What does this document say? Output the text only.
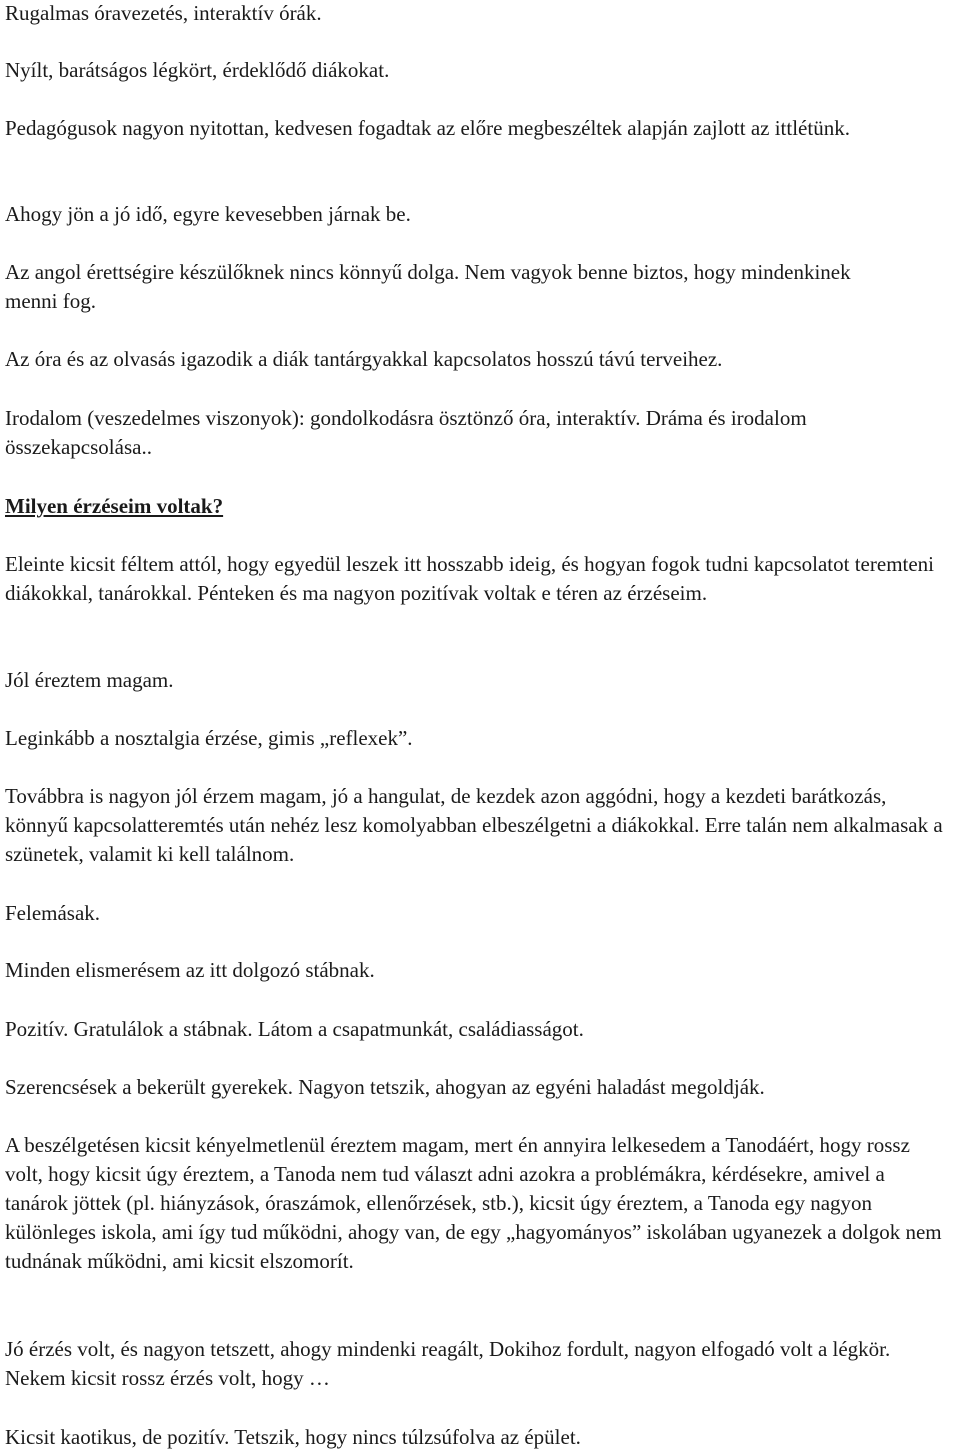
Rugalmas óravezetés, interaktív órák.

Nyílt, barátságos légkört, érdeklődő diákokat.

Pedagógusok nagyon nyitottan, kedvesen fogadtak az előre megbeszéltek alapján zajlott az ittlétünk.

Ahogy jön a jó idő, egyre kevesebben járnak be.

Az angol érettségire készülőknek nincs könnyű dolga. Nem vagyok benne biztos, hogy mindenkinek menni fog.

Az óra és az olvasás igazodik a diák tantárgyakkal kapcsolatos hosszú távú terveihez.

Irodalom (veszedelmes viszonyok): gondolkodásra ösztönző óra, interaktív. Dráma és irodalom összekapcsolása..

Milyen érzéseim voltak?

Eleinte kicsit féltem attól, hogy egyedül leszek itt hosszabb ideig, és hogyan fogok tudni kapcsolatot teremteni diákokkal, tanárokkal. Pénteken és ma nagyon pozitívak voltak e téren az érzéseim.

Jól éreztem magam.

Leginkább a nosztalgia érzése, gimis „reflexek”.

Továbbra is nagyon jól érzem magam, jó a hangulat, de kezdek azon aggódni, hogy a kezdeti barátkozás, könnyű kapcsolatteremtés után nehéz lesz komolyabban elbeszélgetni a diákokkal. Erre talán nem alkalmasak a szünetek, valamit ki kell találnom.

Felemásak.

Minden elismerésem az itt dolgozó stábnak.

Pozitív. Gratulálok a stábnak. Látom a csapatmunkát, családiasságot.

Szerencsések a bekerült gyerekek. Nagyon tetszik, ahogyan az egyéni haladást megoldják.

A beszélgetésen kicsit kényelmetlenül éreztem magam, mert én annyira lelkesedem a Tanodáért, hogy rossz volt, hogy kicsit úgy éreztem, a Tanoda nem tud választ adni azokra a problémákra, kérdésekre, amivel a tanárok jöttek (pl. hiányzások, óraszámok, ellenőrzések, stb.), kicsit úgy éreztem, a Tanoda egy nagyon különleges iskola, ami így tud működni, ahogy van, de egy „hagyományos” iskolában ugyanezek a dolgok nem tudnának működni, ami kicsit elszomorít.

Jó érzés volt, és nagyon tetszett, ahogy mindenki reagált, Dokihoz fordult, nagyon elfogadó volt a légkör. Nekem kicsit rossz érzés volt, hogy …

Kicsit kaotikus, de pozitív. Tetszik, hogy nincs túlzsúfolva az épület.
